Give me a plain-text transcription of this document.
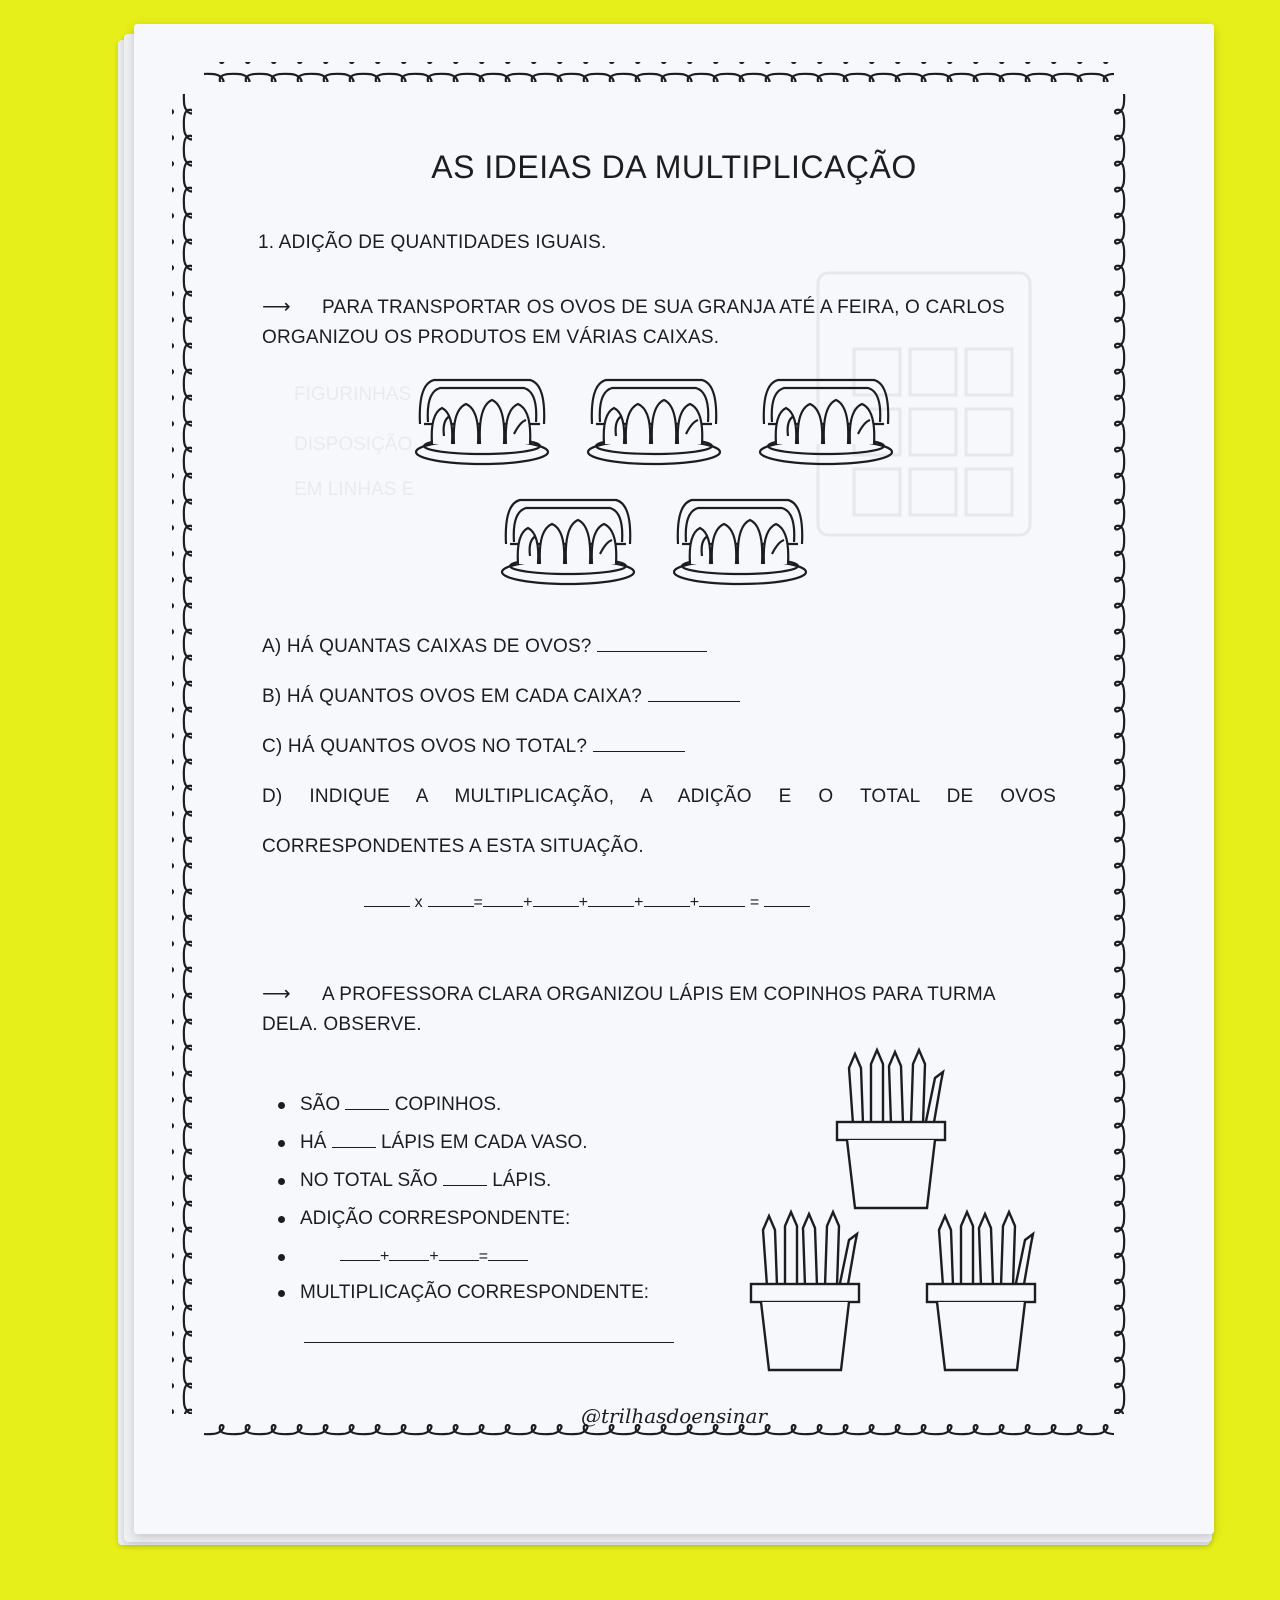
FIGURINHAS
DISPOSIÇÃO
EM LINHAS E
AS IDEIAS DA MULTIPLICAÇÃO
1. ADIÇÃO DE QUANTIDADES IGUAIS.
⟶ PARA TRANSPORTAR OS OVOS DE SUA GRANJA ATÉ A FEIRA, O CARLOS
ORGANIZOU OS PRODUTOS EM VÁRIAS CAIXAS.
A) HÁ QUANTAS CAIXAS DE OVOS?
B) HÁ QUANTOS OVOS EM CADA CAIXA?
C) HÁ QUANTOS OVOS NO TOTAL?
D) INDIQUE A MULTIPLICAÇÃO, A ADIÇÃO E O TOTAL DE OVOS
CORRESPONDENTES A ESTA SITUAÇÃO.
x	=	+	+	+	+	=
⟶ A PROFESSORA CLARA ORGANIZOU LÁPIS EM COPINHOS PARA TURMA
DELA. OBSERVE.
SÃO	COPINHOS.
HÁ	LÁPIS EM CADA VASO.
NO TOTAL SÃO	LÁPIS.
ADIÇÃO CORRESPONDENTE:
+	+	=
MULTIPLICAÇÃO CORRESPONDENTE:
@trilhasdoensinar
